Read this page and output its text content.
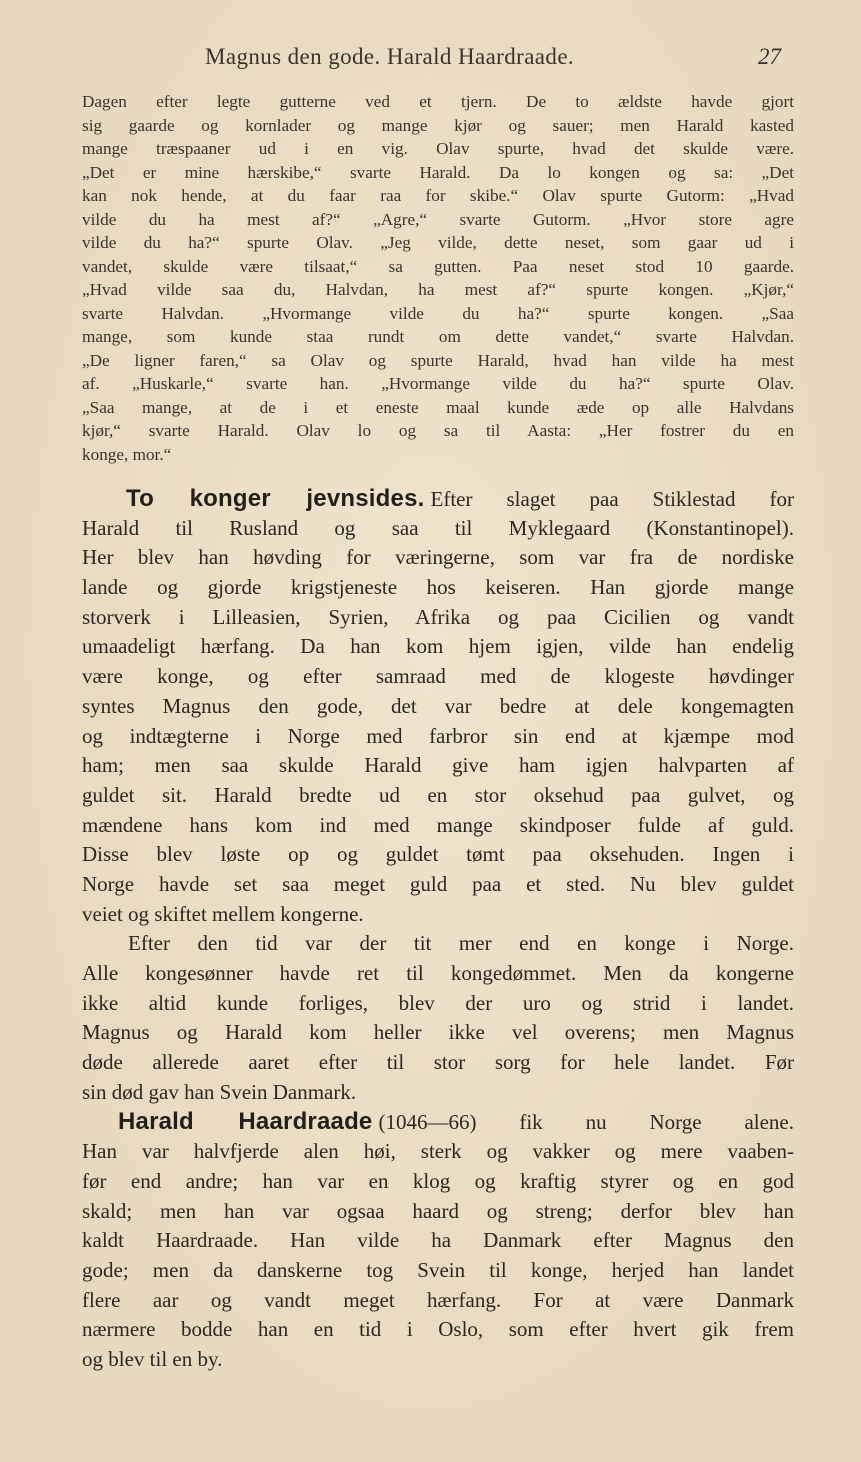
Magnus den gode. Harald Haardraade.	27
Dagen efter legte gutterne ved et tjern. De to ældste havde gjort
sig gaarde og kornlader og mange kjør og sauer; men Harald kasted
mange træspaaner ud i en vig. Olav spurte, hvad det skulde være.
„Det er mine hærskibe,“ svarte Harald. Da lo kongen og sa: „Det
kan nok hende, at du faar raa for skibe.“ Olav spurte Gutorm: „Hvad
vilde du ha mest af?“ „Agre,“ svarte Gutorm. „Hvor store agre
vilde du ha?“ spurte Olav. „Jeg vilde, dette neset, som gaar ud i
vandet, skulde være tilsaat,“ sa gutten. Paa neset stod 10 gaarde.
„Hvad vilde saa du, Halvdan, ha mest af?“ spurte kongen. „Kjør,“
svarte Halvdan. „Hvormange vilde du ha?“ spurte kongen. „Saa
mange, som kunde staa rundt om dette vandet,“ svarte Halvdan.
„De ligner faren,“ sa Olav og spurte Harald, hvad han vilde ha mest
af. „Huskarle,“ svarte han. „Hvormange vilde du ha?“ spurte Olav.
„Saa mange, at de i et eneste maal kunde æde op alle Halvdans
kjør,“ svarte Harald. Olav lo og sa til Aasta: „Her fostrer du en
konge, mor.“
To konger jevnsides. Efter slaget paa Stiklestad for
Harald til Rusland og saa til Myklegaard (Konstantinopel).
Her blev han høvding for væringerne, som var fra de nordiske
lande og gjorde krigstjeneste hos keiseren. Han gjorde mange
storverk i Lilleasien, Syrien, Afrika og paa Cicilien og vandt
umaadeligt hærfang. Da han kom hjem igjen, vilde han endelig
være konge, og efter samraad med de klogeste høvdinger
syntes Magnus den gode, det var bedre at dele kongemagten
og indtægterne i Norge med farbror sin end at kjæmpe mod
ham; men saa skulde Harald give ham igjen halvparten af
guldet sit. Harald bredte ud en stor oksehud paa gulvet, og
mændene hans kom ind med mange skindposer fulde af guld.
Disse blev løste op og guldet tømt paa oksehuden. Ingen i
Norge havde set saa meget guld paa et sted. Nu blev guldet
veiet og skiftet mellem kongerne.
Efter den tid var der tit mer end en konge i Norge.
Alle kongesønner havde ret til kongedømmet. Men da kongerne
ikke altid kunde forliges, blev der uro og strid i landet.
Magnus og Harald kom heller ikke vel overens; men Magnus
døde allerede aaret efter til stor sorg for hele landet. Før
sin død gav han Svein Danmark.
Harald Haardraade (1046—66) fik nu Norge alene.
Han var halvfjerde alen høi, sterk og vakker og mere vaaben-
før end andre; han var en klog og kraftig styrer og en god
skald; men han var ogsaa haard og streng; derfor blev han
kaldt Haardraade. Han vilde ha Danmark efter Magnus den
gode; men da danskerne tog Svein til konge, herjed han landet
flere aar og vandt meget hærfang. For at være Danmark
nærmere bodde han en tid i Oslo, som efter hvert gik frem
og blev til en by.
